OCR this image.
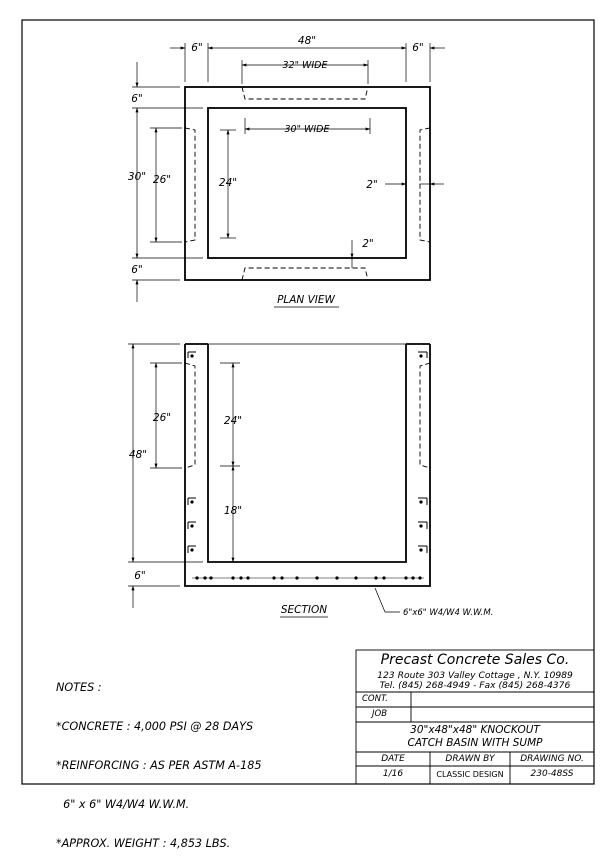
6"
48"
6"
32" WIDE
30" WIDE
6"
30" 26"	24"
6"
2"
2"
PLAN VIEW
48"
26"	24"
18"
6"
6"x6" W4/W4 W.W.M.
SECTION

NOTES :

*CONCRETE : 4,000 PSI @ 28 DAYS

*REINFORCING : AS PER ASTM A-185

6" x 6" W4/W4 W.W.M.

*APPROX. WEIGHT : 4,853 LBS.

Precast Concrete Sales Co.
123 Route 303 Valley Cottage , N.Y. 10989
Tel. (845) 268-4949 - Fax (845) 268-4376
CONT.
JOB
30"x48"x48" KNOCKOUT
CATCH BASIN WITH SUMP
DATE	DRAWN BY	DRAWING NO.
1/16	CLASSIC DESIGN	230-48SS
